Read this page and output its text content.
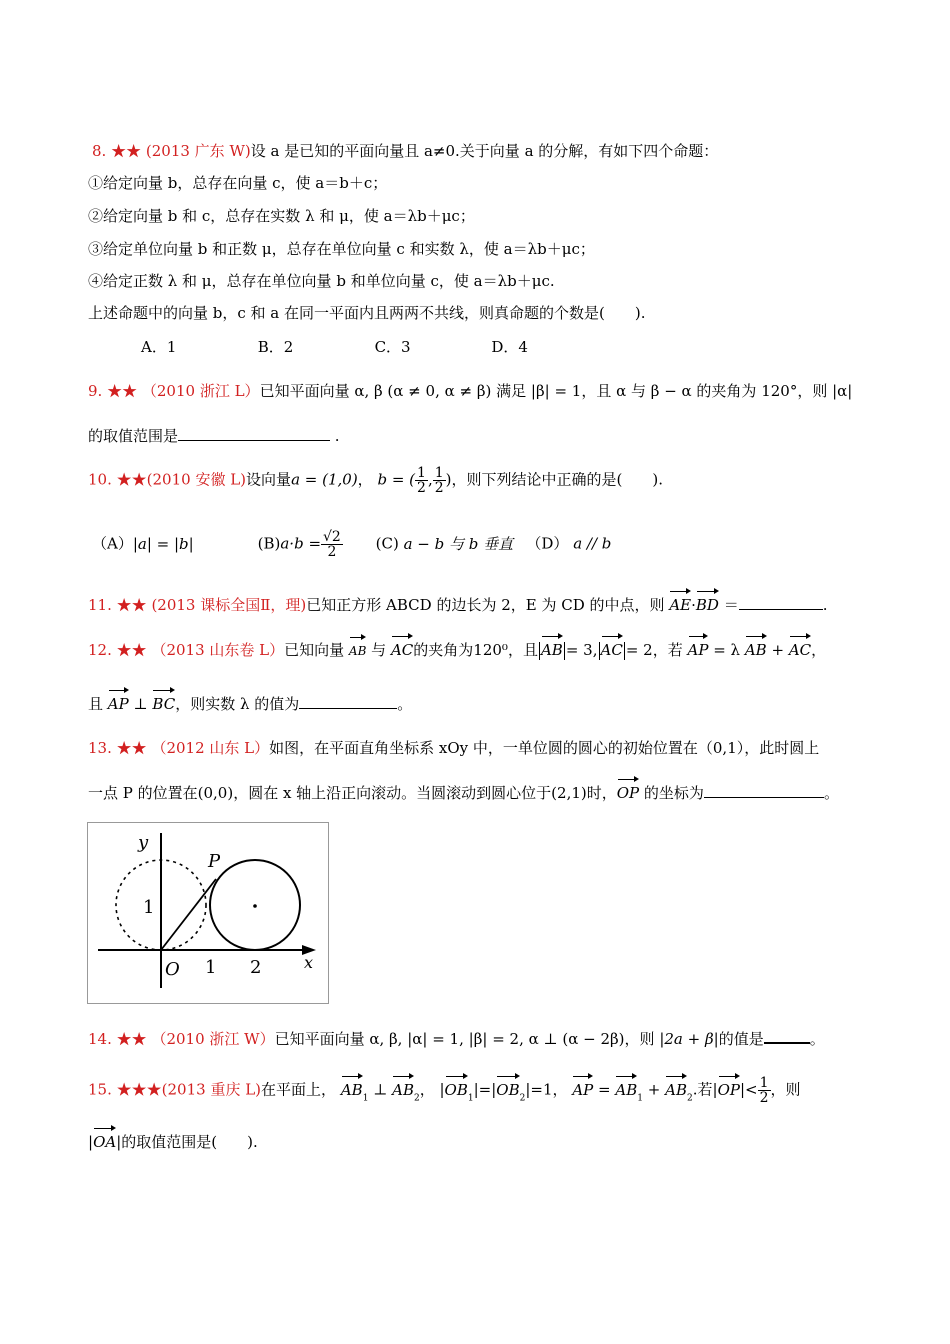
8. ★★ (2013 广东 W)设 a 是已知的平面向量且 a≠0.关于向量 a 的分解，有如下四个命题：
①给定向量 b，总存在向量 c，使 a＝b＋c；
②给定向量 b 和 c，总存在实数 λ 和 μ，使 a＝λb＋μc；
③给定单位向量 b 和正数 μ，总存在单位向量 c 和实数 λ，使 a＝λb＋μc；
④给定正数 λ 和 μ，总存在单位向量 b 和单位向量 c，使 a＝λb＋μc.
上述命题中的向量 b，c 和 a 在同一平面内且两两不共线，则真命题的个数是(　　).
A．1	B．2	C．3	D．4
9. ★★ （2010 浙江 L）已知平面向量 α, β (α ≠ 0, α ≠ β) 满足 |β| = 1，且 α 与 β − α 的夹角为 120°，则 |α|
的取值范围是	.
10. ★★(2010 安徽 L)设向量a = (1,0)， b = ( $\frac{1}{2}$ , $\frac{1}{2}$ )，则下列结论中正确的是(　　).
（A）|a| = |b|	$(B)a\cdot b = \frac{√2}{2} (C) a - b$ 与 b 垂直 （D） a // b
11. ★★ (2013 课标全国Ⅱ，理)已知正方形 ABCD 的边长为 2，E 为 CD 的中点，则 AE·BD ＝	.
12. ★★ （2013 山东卷 L）已知向量 AB 与 AC的夹角为120⁰，且 AB = 3, AC = 2，若 AP = λ AB + AC，
且 AP ⊥ BC，则实数 λ 的值为	。
13. ★★ （2012 山东 L）如图，在平面直角坐标系 xOy 中，一单位圆的圆心的初始位置在（0,1），此时圆上
一点 P 的位置在(0,0)，圆在 x 轴上沿正向滚动。当圆滚动到圆心位于(2,1)时，OP 的坐标为	。
y
x
O 1 2
1
P
14. ★★ （2010 浙江 W）已知平面向量 α, β, |α| = 1, |β| = 2, α ⊥ (α − 2β)，则 |2a + β|的值是	。
15. ★★★(2013 重庆 L)在平面上， $AB_1$ ⊥ $AB_2$， $|OB_1|=|OB_2|=1$， AP = $AB_1 + AB_2$.若$|OP|< \frac{1}{2}$ ，则
|OA|的取值范围是(　　).
